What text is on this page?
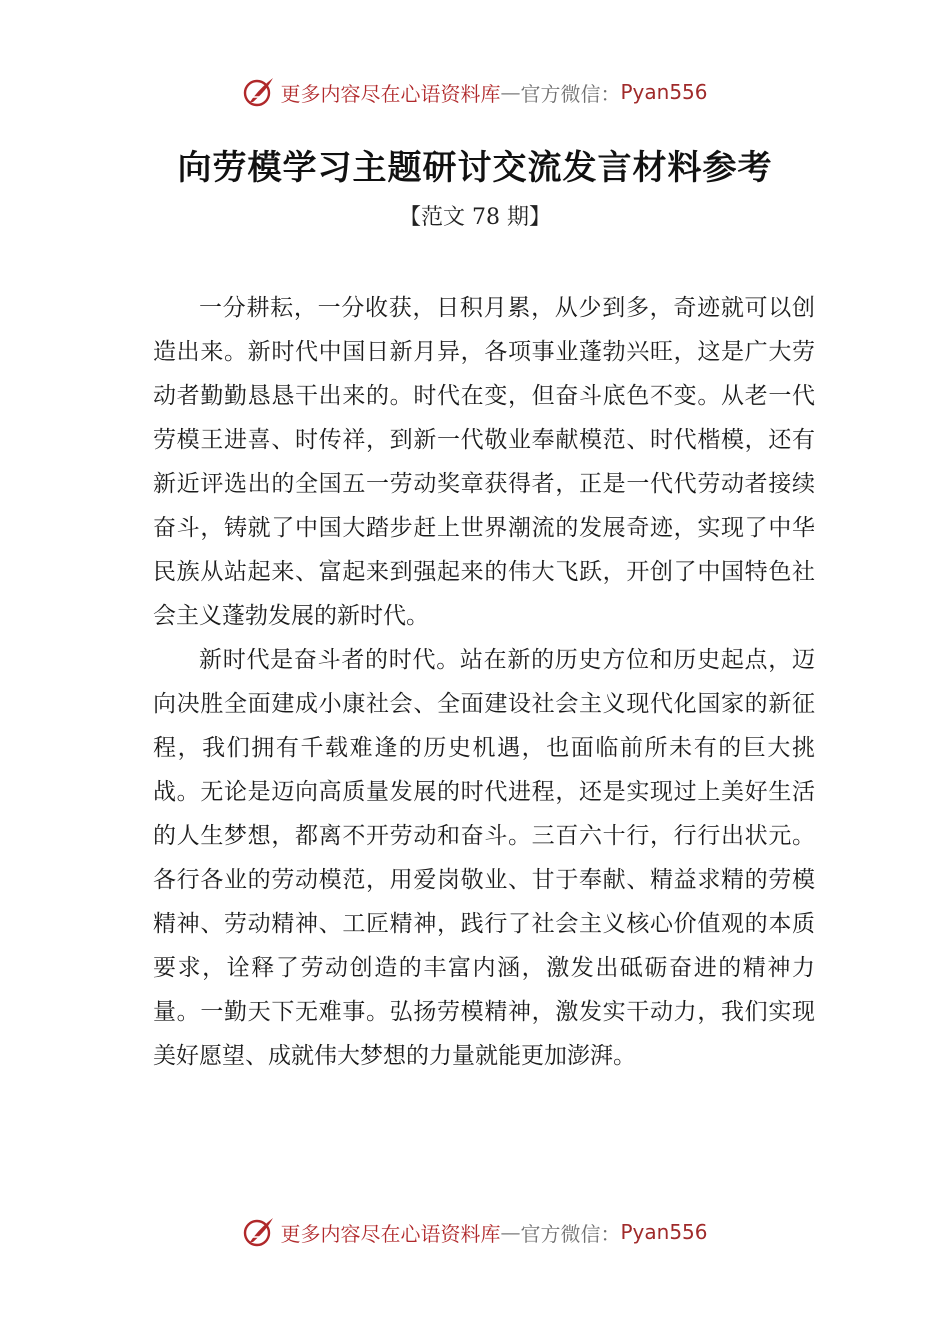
更多内容尽在心语资料库 — 官方微信： Pyan556
向劳模学习主题研讨交流发言材料参考

【范文 78 期】

一分耕耘，一分收获，日积月累，从少到多，奇迹就可以创造出来。新时代中国日新月异，各项事业蓬勃兴旺，这是广大劳动者勤勤恳恳干出来的。时代在变，但奋斗底色不变。从老一代劳模王进喜、时传祥，到新一代敬业奉献模范、时代楷模，还有新近评选出的全国五一劳动奖章获得者，正是一代代劳动者接续奋斗，铸就了中国大踏步赶上世界潮流的发展奇迹，实现了中华民族从站起来、富起来到强起来的伟大飞跃，开创了中国特色社会主义蓬勃发展的新时代。

新时代是奋斗者的时代。站在新的历史方位和历史起点，迈向决胜全面建成小康社会、全面建设社会主义现代化国家的新征程，我们拥有千载难逢的历史机遇，也面临前所未有的巨大挑战。无论是迈向高质量发展的时代进程，还是实现过上美好生活的人生梦想，都离不开劳动和奋斗。三百六十行，行行出状元。各行各业的劳动模范，用爱岗敬业、甘于奉献、精益求精的劳模精神、劳动精神、工匠精神，践行了社会主义核心价值观的本质要求，诠释了劳动创造的丰富内涵，激发出砥砺奋进的精神力量。一勤天下无难事。弘扬劳模精神，激发实干动力，我们实现美好愿望、成就伟大梦想的力量就能更加澎湃。

更多内容尽在心语资料库 — 官方微信： Pyan556
